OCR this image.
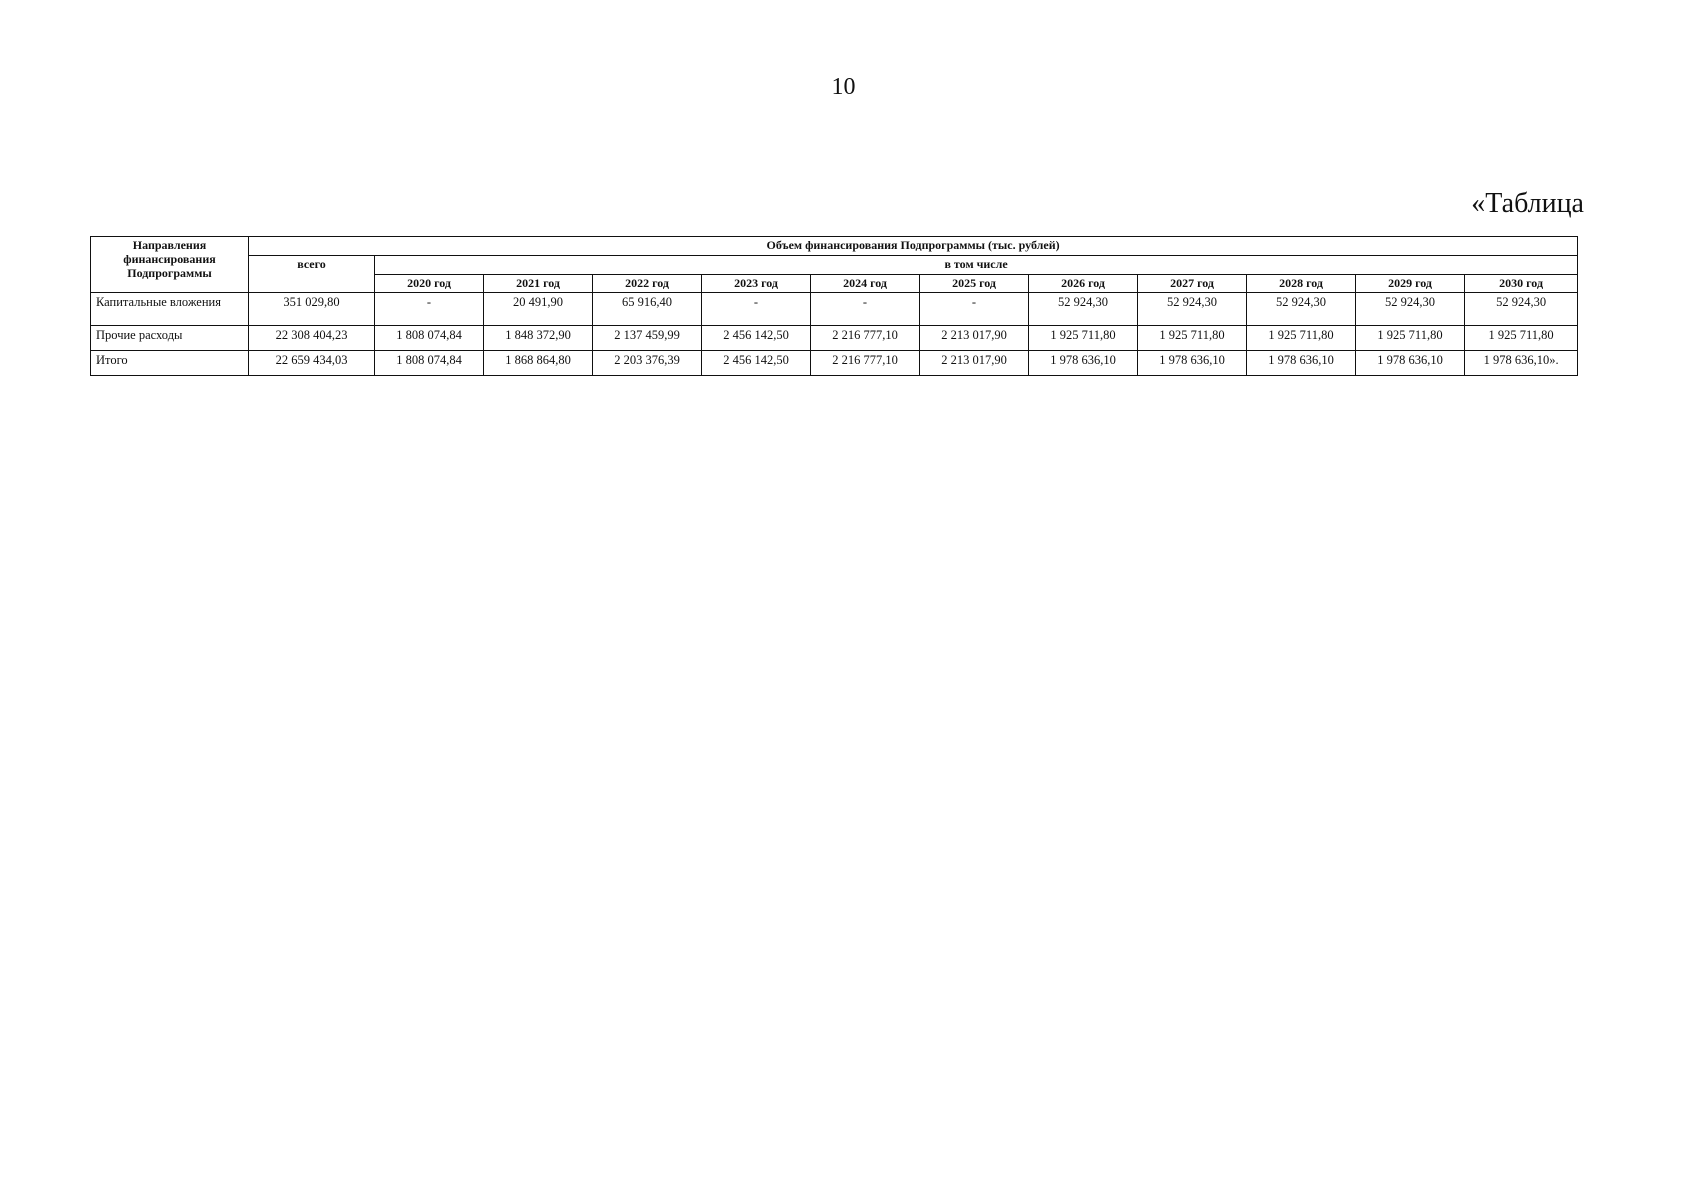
10
«Таблица
Направления финансирования Подпрограммы	Объем финансирования Подпрограммы (тыс. рублей)											
	всего	в том числе										
		2020 год	2021 год	2022 год	2023 год	2024 год	2025 год	2026 год	2027 год	2028 год	2029 год	2030 год
Капитальные вложения	351 029,80	-	20 491,90	65 916,40	-	-	-	52 924,30	52 924,30	52 924,30	52 924,30	52 924,30
Прочие расходы	22 308 404,23	1 808 074,84	1 848 372,90	2 137 459,99	2 456 142,50	2 216 777,10	2 213 017,90	1 925 711,80	1 925 711,80	1 925 711,80	1 925 711,80	1 925 711,80
Итого	22 659 434,03	1 808 074,84	1 868 864,80	2 203 376,39	2 456 142,50	2 216 777,10	2 213 017,90	1 978 636,10	1 978 636,10	1 978 636,10	1 978 636,10	1 978 636,10».
